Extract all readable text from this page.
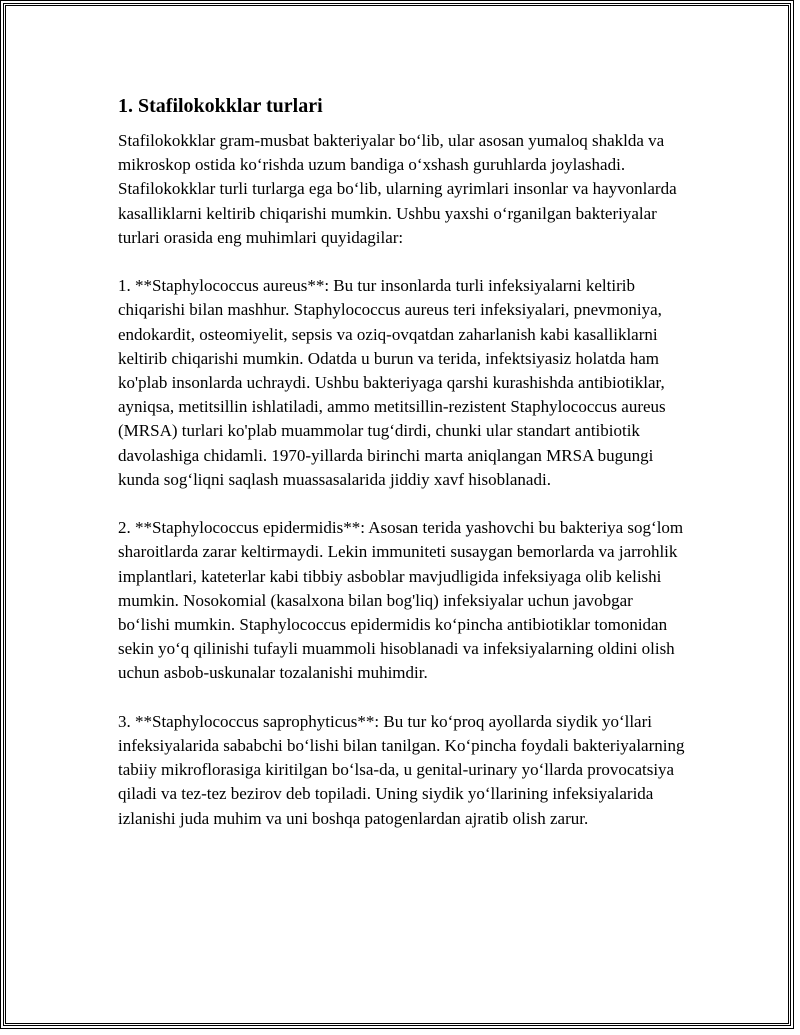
1. Stafilokokklar turlari

Stafilokokklar gram-musbat bakteriyalar bo‘lib, ular asosan yumaloq shaklda va mikroskop ostida ko‘rishda uzum bandiga o‘xshash guruhlarda joylashadi. Stafilokokklar turli turlarga ega bo‘lib, ularning ayrimlari insonlar va hayvonlarda kasalliklarni keltirib chiqarishi mumkin. Ushbu yaxshi o‘rganilgan bakteriyalar turlari orasida eng muhimlari quyidagilar:

1. **Staphylococcus aureus**: Bu tur insonlarda turli infeksiyalarni keltirib chiqarishi bilan mashhur. Staphylococcus aureus teri infeksiyalari, pnevmoniya, endokardit, osteomiyelit, sepsis va oziq-ovqatdan zaharlanish kabi kasalliklarni keltirib chiqarishi mumkin. Odatda u burun va terida, infektsiyasiz holatda ham ko'plab insonlarda uchraydi. Ushbu bakteriyaga qarshi kurashishda antibiotiklar, ayniqsa, metitsillin ishlatiladi, ammo metitsillin-rezistent Staphylococcus aureus (MRSA) turlari ko'plab muammolar tug‘dirdi, chunki ular standart antibiotik davolashiga chidamli. 1970-yillarda birinchi marta aniqlangan MRSA bugungi kunda sog‘liqni saqlash muassasalarida jiddiy xavf hisoblanadi.

2. **Staphylococcus epidermidis**: Asosan terida yashovchi bu bakteriya sog‘lom sharoitlarda zarar keltirmaydi. Lekin immuniteti susaygan bemorlarda va jarrohlik implantlari, kateterlar kabi tibbiy asboblar mavjudligida infeksiyaga olib kelishi mumkin. Nosokomial (kasalxona bilan bog'liq) infeksiyalar uchun javobgar bo‘lishi mumkin. Staphylococcus epidermidis ko‘pincha antibiotiklar tomonidan sekin yo‘q qilinishi tufayli muammoli hisoblanadi va infeksiyalarning oldini olish uchun asbob-uskunalar tozalanishi muhimdir.

3. **Staphylococcus saprophyticus**: Bu tur ko‘proq ayollarda siydik yo‘llari infeksiyalarida sababchi bo‘lishi bilan tanilgan. Ko‘pincha foydali bakteriyalarning tabiiy mikroflorasiga kiritilgan bo‘lsa-da, u genital-urinary yo‘llarda provocatsiya qiladi va tez-tez bezirov deb topiladi. Uning siydik yo‘llarining infeksiyalarida izlanishi juda muhim va uni boshqa patogenlardan ajratib olish zarur.
